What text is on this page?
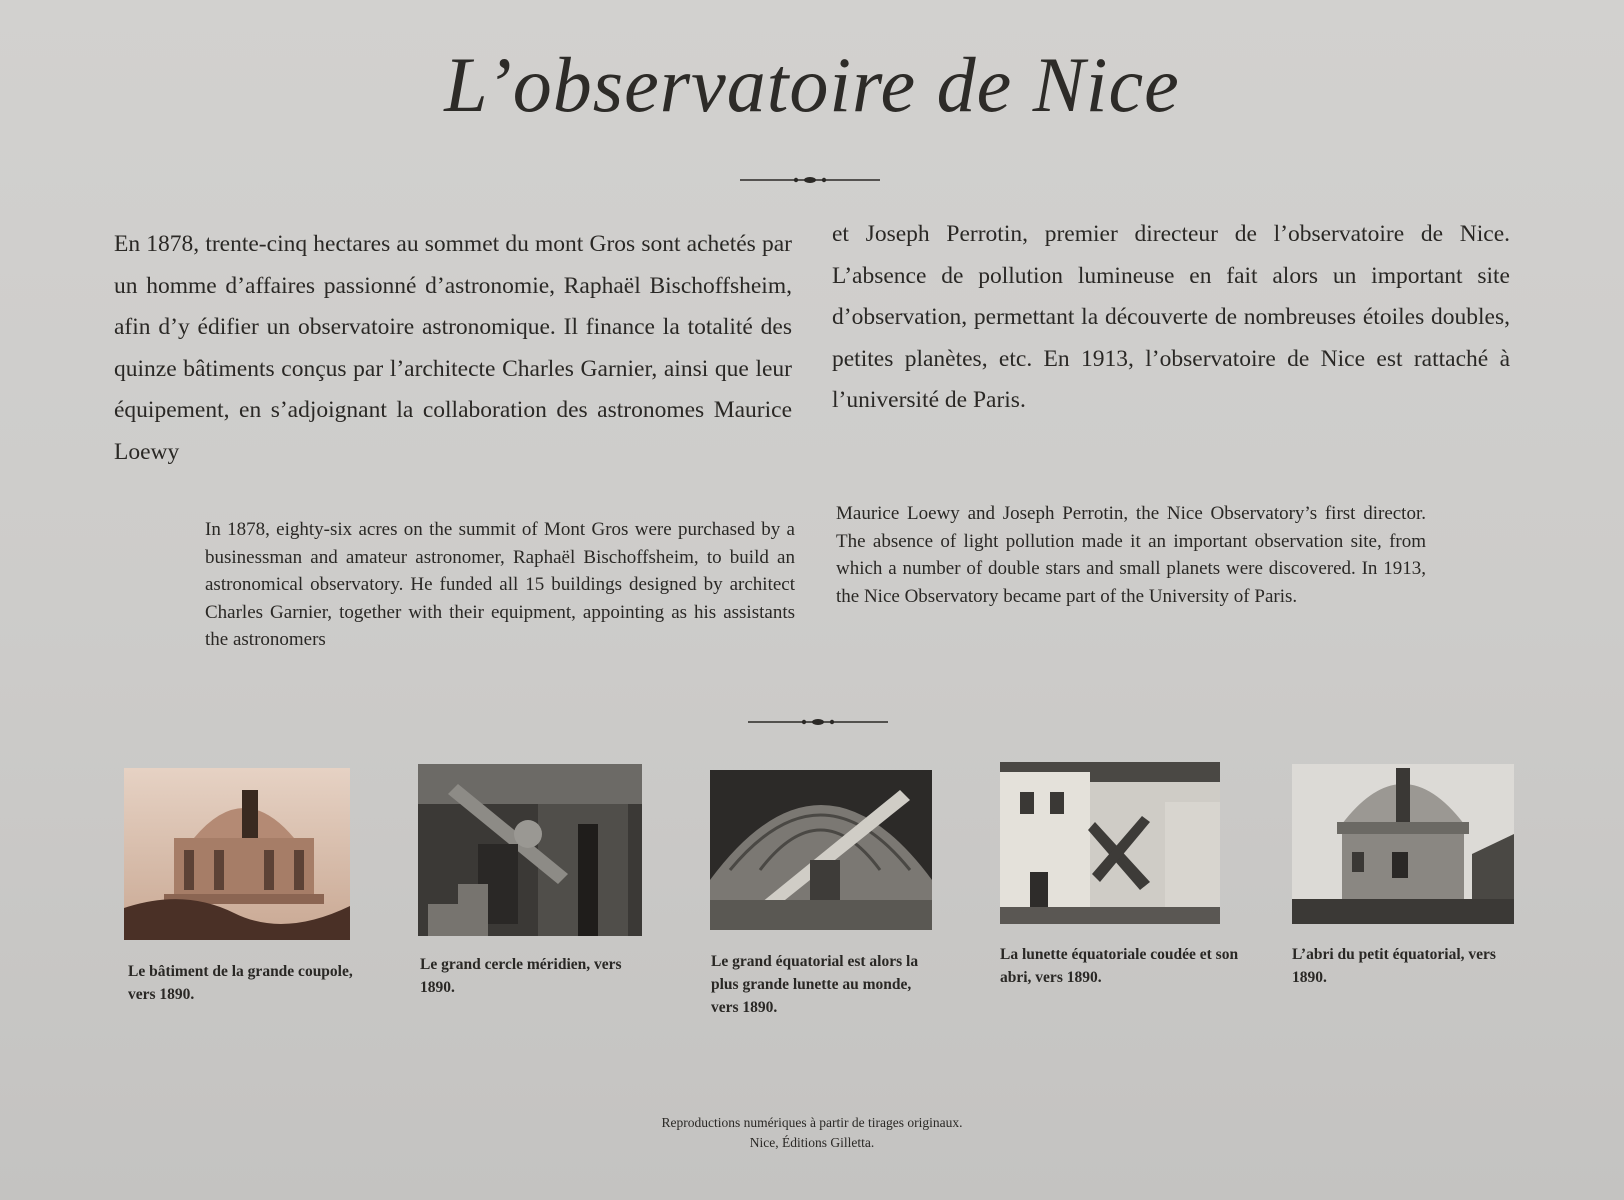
L’observatoire de Nice
En 1878, trente-cinq hectares au sommet du mont Gros sont achetés par un homme d’affaires passionné d’astronomie, Raphaël Bischoffsheim, afin d’y édifier un observatoire astronomique. Il finance la totalité des quinze bâtiments conçus par l’architecte Charles Garnier, ainsi que leur équipement, en s’adjoignant la collaboration des astronomes Maurice Loewy
et Joseph Perrotin, premier directeur de l’observatoire de Nice. L’absence de pollution lumineuse en fait alors un important site d’observation, permettant la découverte de nombreuses étoiles doubles, petites planètes, etc. En 1913, l’observatoire de Nice est rattaché à l’université de Paris.
In 1878, eighty-six acres on the summit of Mont Gros were purchased by a businessman and amateur astronomer, Raphaël Bischoffsheim, to build an astronomical observatory. He funded all 15 buildings designed by architect Charles Garnier, together with their equipment, appointing as his assistants the astronomers
Maurice Loewy and Joseph Perrotin, the Nice Observatory’s first director. The absence of light pollution made it an important observation site, from which a number of double stars and small planets were discovered. In 1913, the Nice Observatory became part of the University of Paris.
Le bâtiment de la grande coupole, vers 1890.
Le grand cercle méridien, vers 1890.
Le grand équatorial est alors la plus grande lunette au monde, vers 1890.
La lunette équatoriale coudée et son abri, vers 1890.
L’abri du petit équatorial, vers 1890.
Reproductions numériques à partir de tirages originaux.
Nice, Éditions Gilletta.
